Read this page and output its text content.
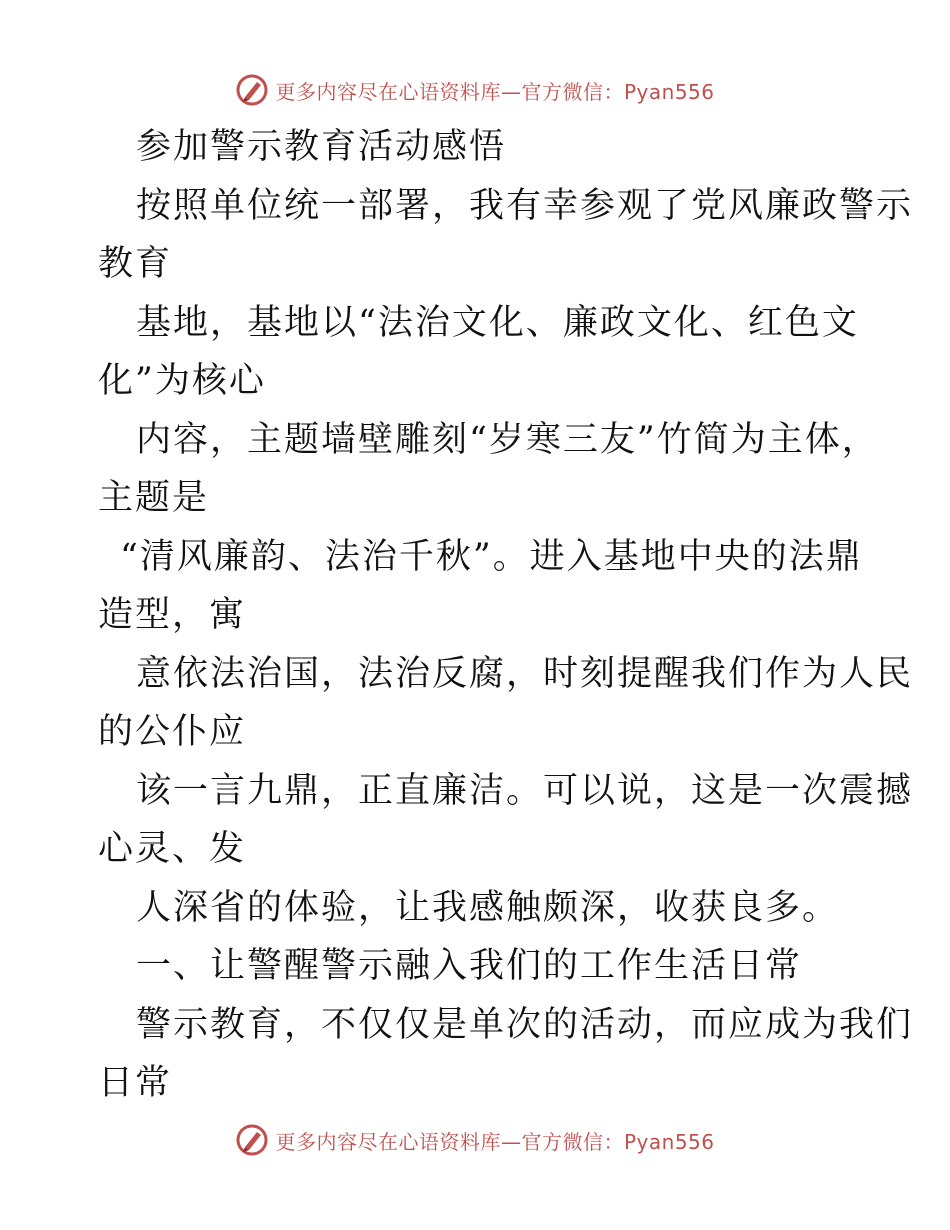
更多内容尽在心语资料库—官方微信：Pyan556
参加警示教育活动感悟
按照单位统一部署，我有幸参观了党风廉政警示
教育
基地，基地以“法治文化、廉政文化、红色文
化”为核心
内容，主题墙壁雕刻“岁寒三友”竹简为主体，
主题是
“清风廉韵、法治千秋”。进入基地中央的法鼎
造型，寓
意依法治国，法治反腐，时刻提醒我们作为人民
的公仆应
该一言九鼎，正直廉洁。可以说，这是一次震撼
心灵、发
人深省的体验，让我感触颇深，收获良多。
一、让警醒警示融入我们的工作生活日常
警示教育，不仅仅是单次的活动，而应成为我们
日常
更多内容尽在心语资料库—官方微信：Pyan556
